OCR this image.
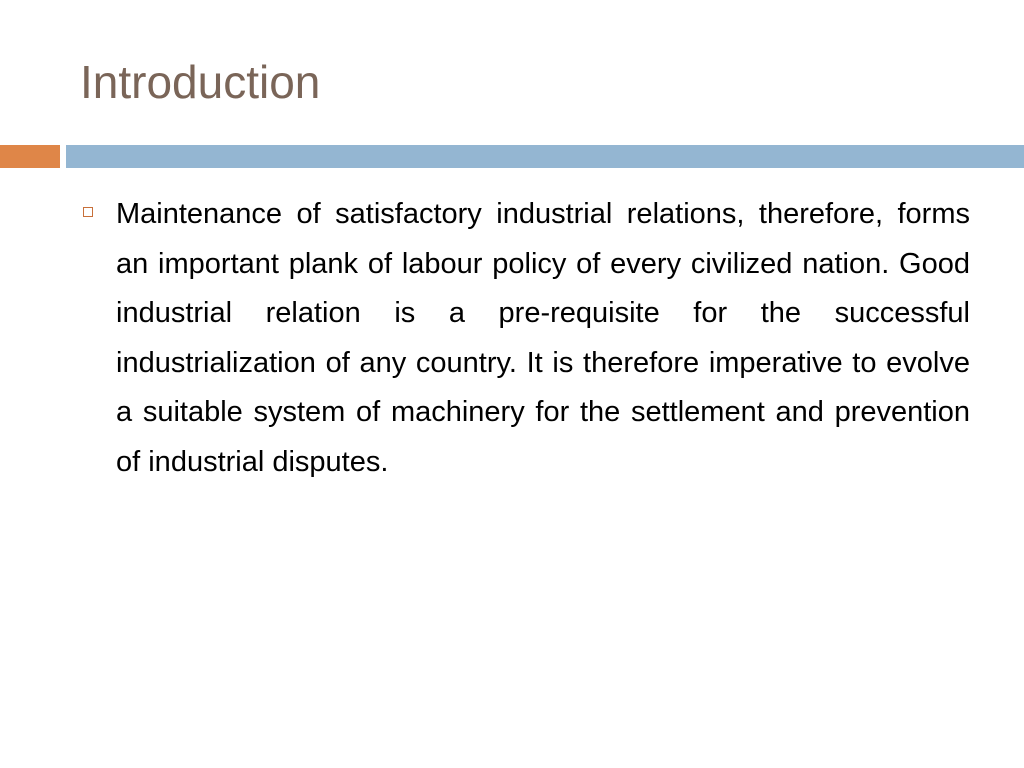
Introduction
Maintenance of satisfactory industrial relations, therefore, forms an important plank of labour policy of every civilized nation. Good industrial relation is a pre-requisite for the successful industrialization of any country. It is therefore imperative to evolve a suitable system of machinery for the settlement and prevention of industrial disputes.
